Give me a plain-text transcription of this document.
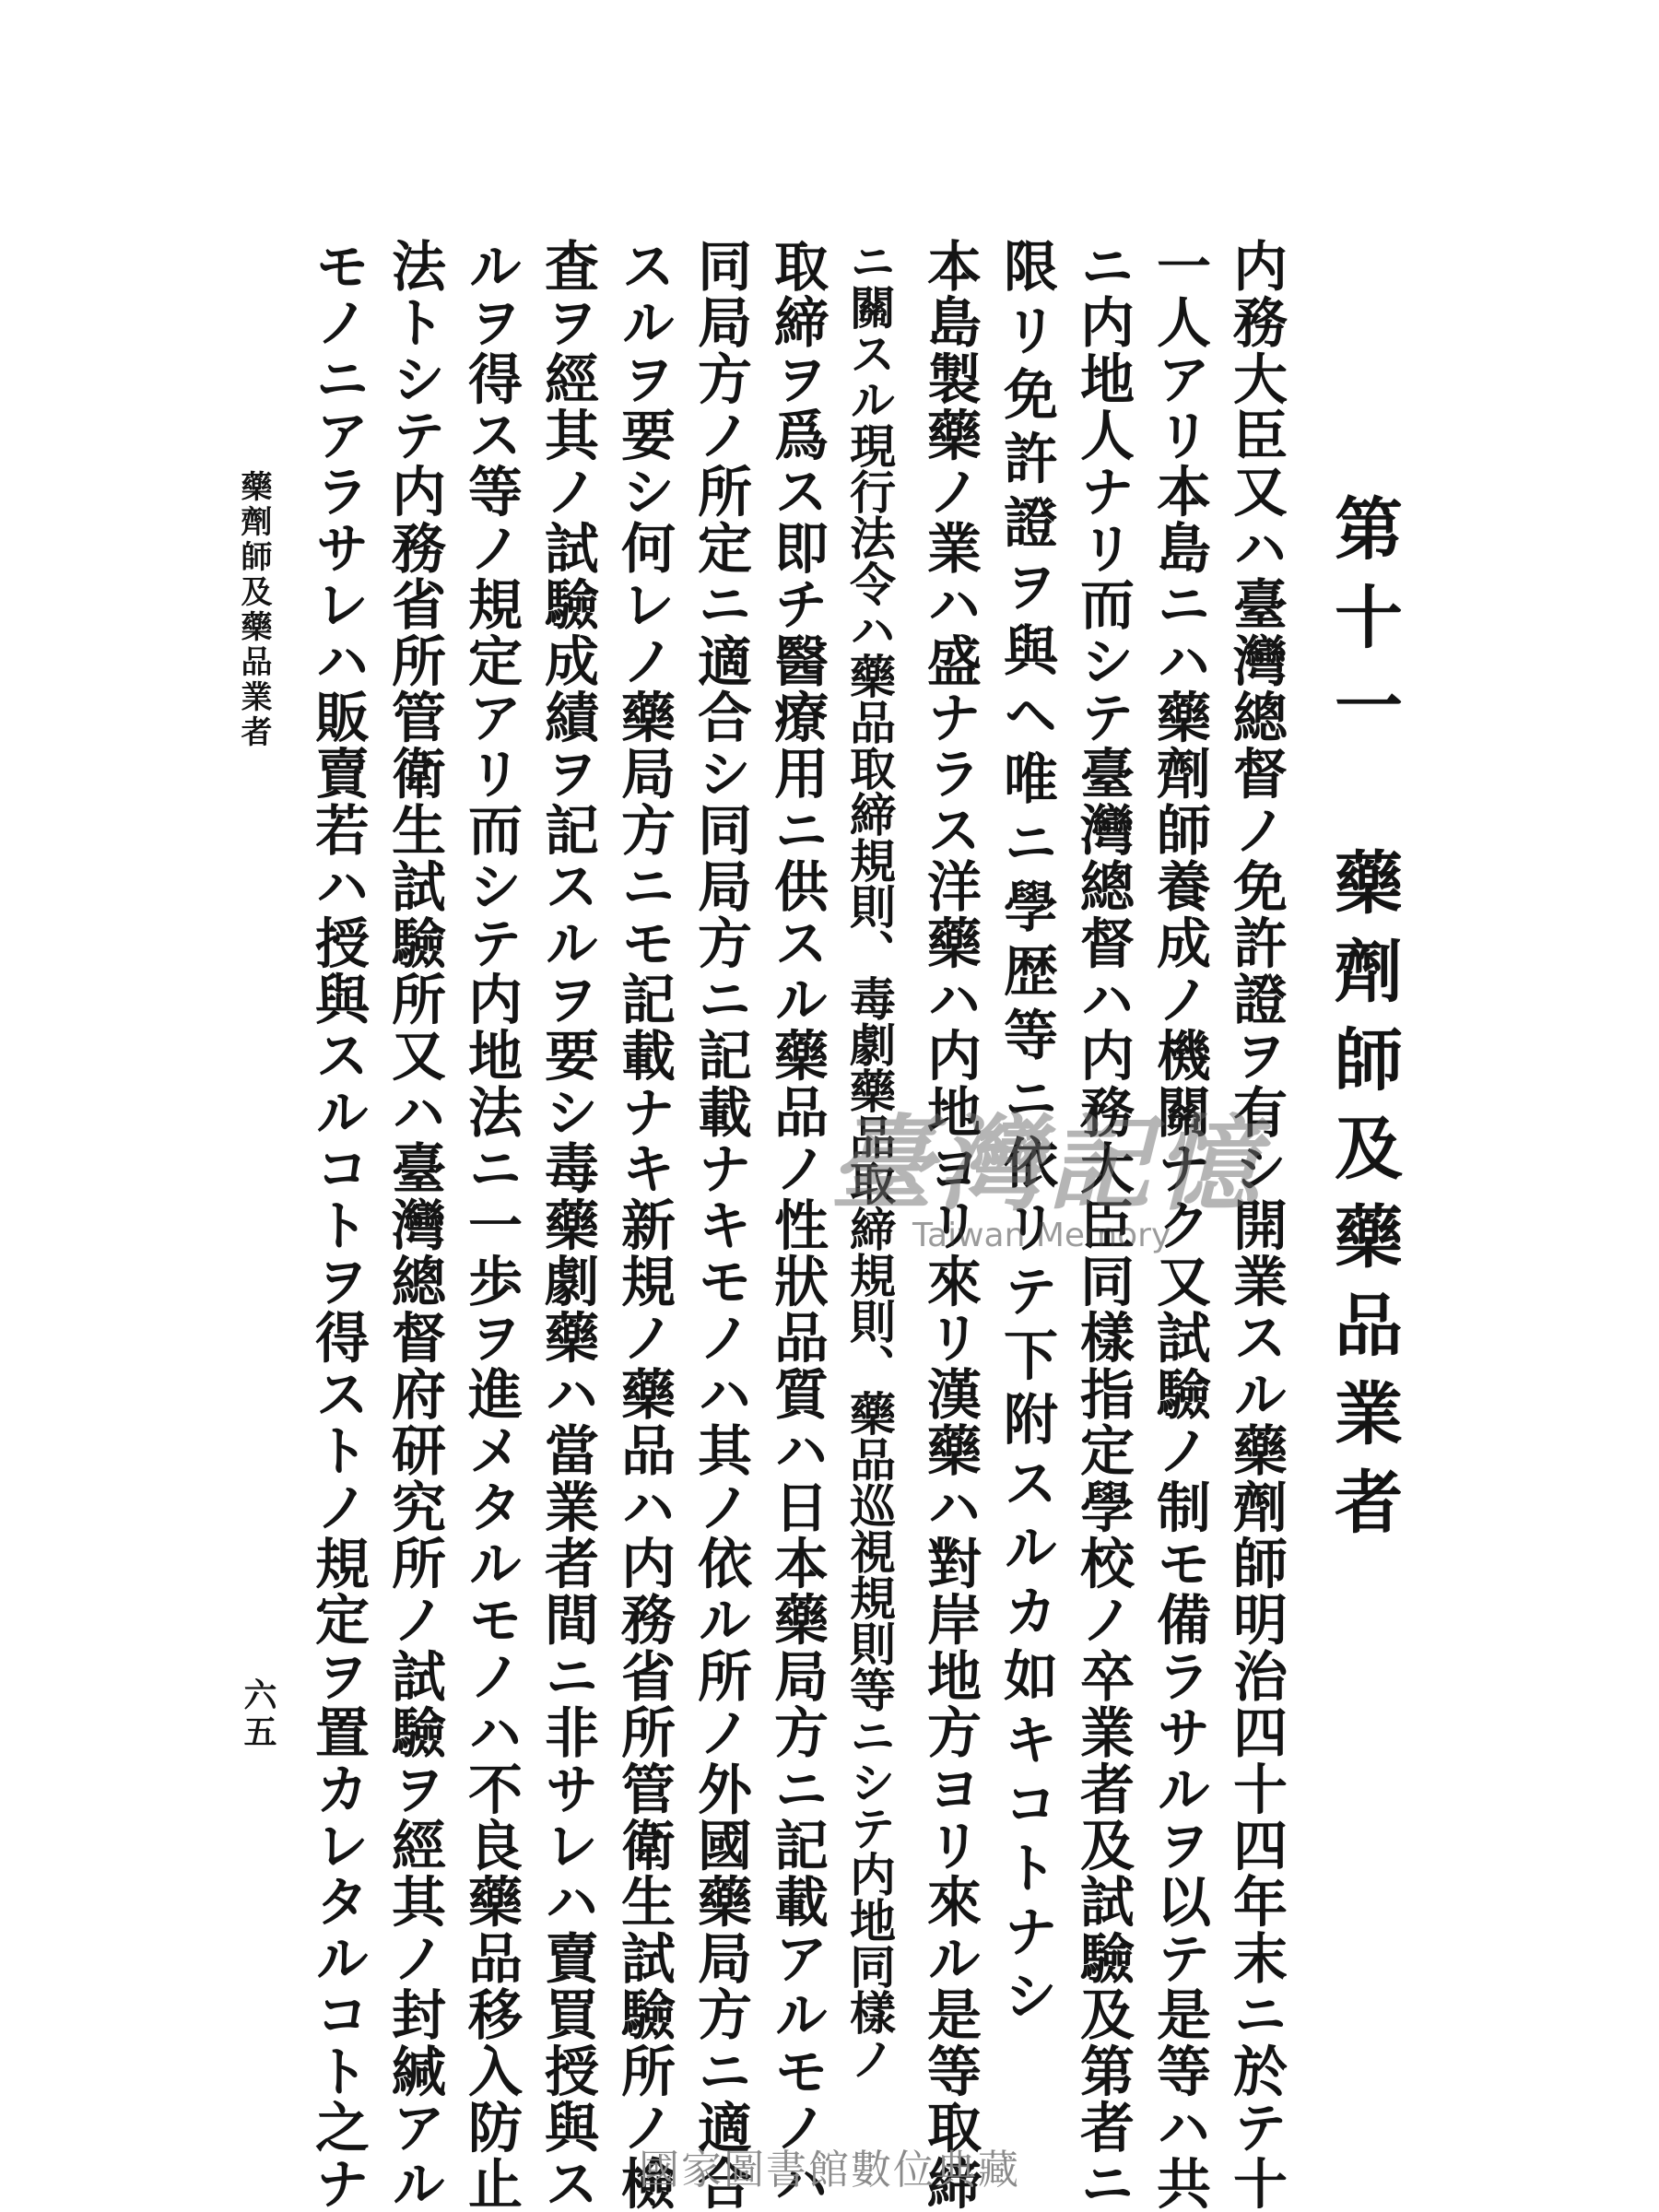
第十一　藥劑師及藥品業者
内務大臣又ハ臺灣總督ノ免許證ヲ有シ開業スル藥劑師明治四十四年末ニ於テ十
一人アリ本島ニハ藥劑師養成ノ機關ナク又試驗ノ制モ備ラサルヲ以テ是等ハ共
ニ内地人ナリ而シテ臺灣總督ハ内務大臣同樣指定學校ノ卒業者及試驗及第者ニ
限リ免許證ヲ與ヘ唯ニ學歴等ニ依リテ下附スルカ如キコトナシ
本島製藥ノ業ハ盛ナラス洋藥ハ内地ヨリ來リ漢藥ハ對岸地方ヨリ來ル是等取締
ニ關スル現行法令ハ藥品取締規則、毒劇藥品取締規則、藥品巡視規則等ニシテ内地同樣ノ
取締ヲ爲ス即チ醫療用ニ供スル藥品ノ性狀品質ハ日本藥局方ニ記載アルモノハ
同局方ノ所定ニ適合シ同局方ニ記載ナキモノハ其ノ依ル所ノ外國藥局方ニ適合
スルヲ要シ何レノ藥局方ニモ記載ナキ新規ノ藥品ハ内務省所管衛生試驗所ノ檢
査ヲ經其ノ試驗成績ヲ記スルヲ要シ毒藥劇藥ハ當業者間ニ非サレハ賣買授與ス
ルヲ得ス等ノ規定アリ而シテ内地法ニ一歩ヲ進メタルモノハ不良藥品移入防止
法トシテ内務省所管衛生試驗所又ハ臺灣總督府研究所ノ試驗ヲ經其ノ封緘アル
モノニアラサレハ販賣若ハ授與スルコトヲ得ストノ規定ヲ置カレタルコト之ナ
藥劑師及藥品業者
六五
臺灣記憶
Taiwan Memory
國家圖書館數位典藏
